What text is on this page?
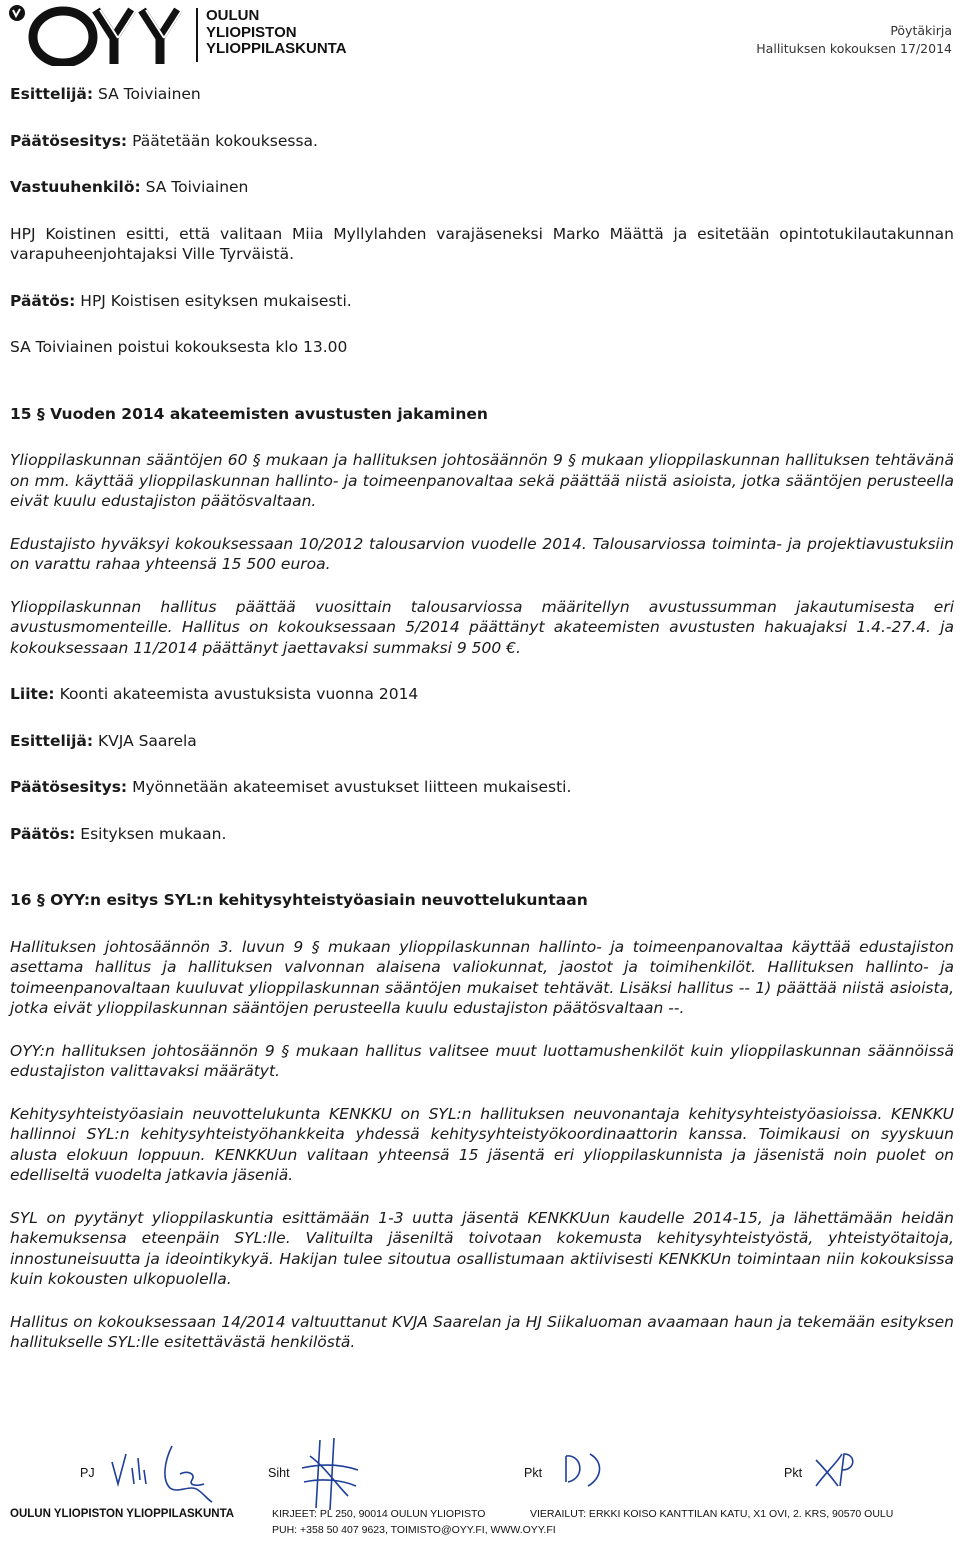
OULUN
YLIOPISTON
YLIOPPILASKUNTA
Pöytäkirja
Hallituksen kokouksen 17/2014
Esittelijä: SA Toiviainen
Päätösesitys: Päätetään kokouksessa.
Vastuuhenkilö: SA Toiviainen
HPJ Koistinen esitti, että valitaan Miia Myllylahden varajäseneksi Marko Määttä ja esitetään opintotukilautakunnan varapuheenjohtajaksi Ville Tyrväistä.
Päätös: HPJ Koistisen esityksen mukaisesti.
SA Toiviainen poistui kokouksesta klo 13.00
15 § Vuoden 2014 akateemisten avustusten jakaminen
Ylioppilaskunnan sääntöjen 60 § mukaan ja hallituksen johtosäännön 9 § mukaan ylioppilaskunnan hallituksen tehtävänä on mm. käyttää ylioppilaskunnan hallinto- ja toimeenpanovaltaa sekä päättää niistä asioista, jotka sääntöjen perusteella eivät kuulu edustajiston päätösvaltaan.
Edustajisto hyväksyi kokouksessaan 10/2012 talousarvion vuodelle 2014. Talousarviossa toiminta- ja projektiavustuksiin on varattu rahaa yhteensä 15 500 euroa.
Ylioppilaskunnan hallitus päättää vuosittain talousarviossa määritellyn avustussumman jakautumisesta eri avustusmomenteille. Hallitus on kokouksessaan 5/2014 päättänyt akateemisten avustusten hakuajaksi 1.4.-27.4. ja kokouksessaan 11/2014 päättänyt jaettavaksi summaksi 9 500 €.
Liite: Koonti akateemista avustuksista vuonna 2014
Esittelijä: KVJA Saarela
Päätösesitys: Myönnetään akateemiset avustukset liitteen mukaisesti.
Päätös: Esityksen mukaan.
16 § OYY:n esitys SYL:n kehitysyhteistyöasiain neuvottelukuntaan
Hallituksen johtosäännön 3. luvun 9 § mukaan ylioppilaskunnan hallinto- ja toimeenpanovaltaa käyttää edustajiston asettama hallitus ja hallituksen valvonnan alaisena valiokunnat, jaostot ja toimihenkilöt. Hallituksen hallinto- ja toimeenpanovaltaan kuuluvat ylioppilaskunnan sääntöjen mukaiset tehtävät. Lisäksi hallitus -- 1) päättää niistä asioista, jotka eivät ylioppilaskunnan sääntöjen perusteella kuulu edustajiston päätösvaltaan --.
OYY:n hallituksen johtosäännön 9 § mukaan hallitus valitsee muut luottamushenkilöt kuin ylioppilaskunnan säännöissä edustajiston valittavaksi määrätyt.
Kehitysyhteistyöasiain neuvottelukunta KENKKU on SYL:n hallituksen neuvonantaja kehitysyhteistyöasioissa. KENKKU hallinnoi SYL:n kehitysyhteistyöhankkeita yhdessä kehitysyhteistyökoordinaattorin kanssa. Toimikausi on syyskuun alusta elokuun loppuun. KENKKUun valitaan yhteensä 15 jäsentä eri ylioppilaskunnista ja jäsenistä noin puolet on edelliseltä vuodelta jatkavia jäseniä.
SYL on pyytänyt ylioppilaskuntia esittämään 1-3 uutta jäsentä KENKKUun kaudelle 2014-15, ja lähettämään heidän hakemuksensa eteenpäin SYL:lle. Valituilta jäseniltä toivotaan kokemusta kehitysyhteistyöstä, yhteistyötaitoja, innostuneisuutta ja ideointikykyä. Hakijan tulee sitoutua osallistumaan aktiivisesti KENKKUn toimintaan niin kokouksissa kuin kokousten ulkopuolella.
Hallitus on kokouksessaan 14/2014 valtuuttanut KVJA Saarelan ja HJ Siikaluoman avaamaan haun ja tekemään esityksen hallitukselle SYL:lle esitettävästä henkilöstä.
PJ	Siht	Pkt	Pkt
OULUN YLIOPISTON YLIOPPILASKUNTA	KIRJEET: PL 250, 90014 OULUN YLIOPISTO	VIERAILUT: ERKKI KOISO KANTTILAN KATU, X1 OVI, 2. KRS, 90570 OULU
PUH: +358 50 407 9623, TOIMISTO@OYY.FI, WWW.OYY.FI
